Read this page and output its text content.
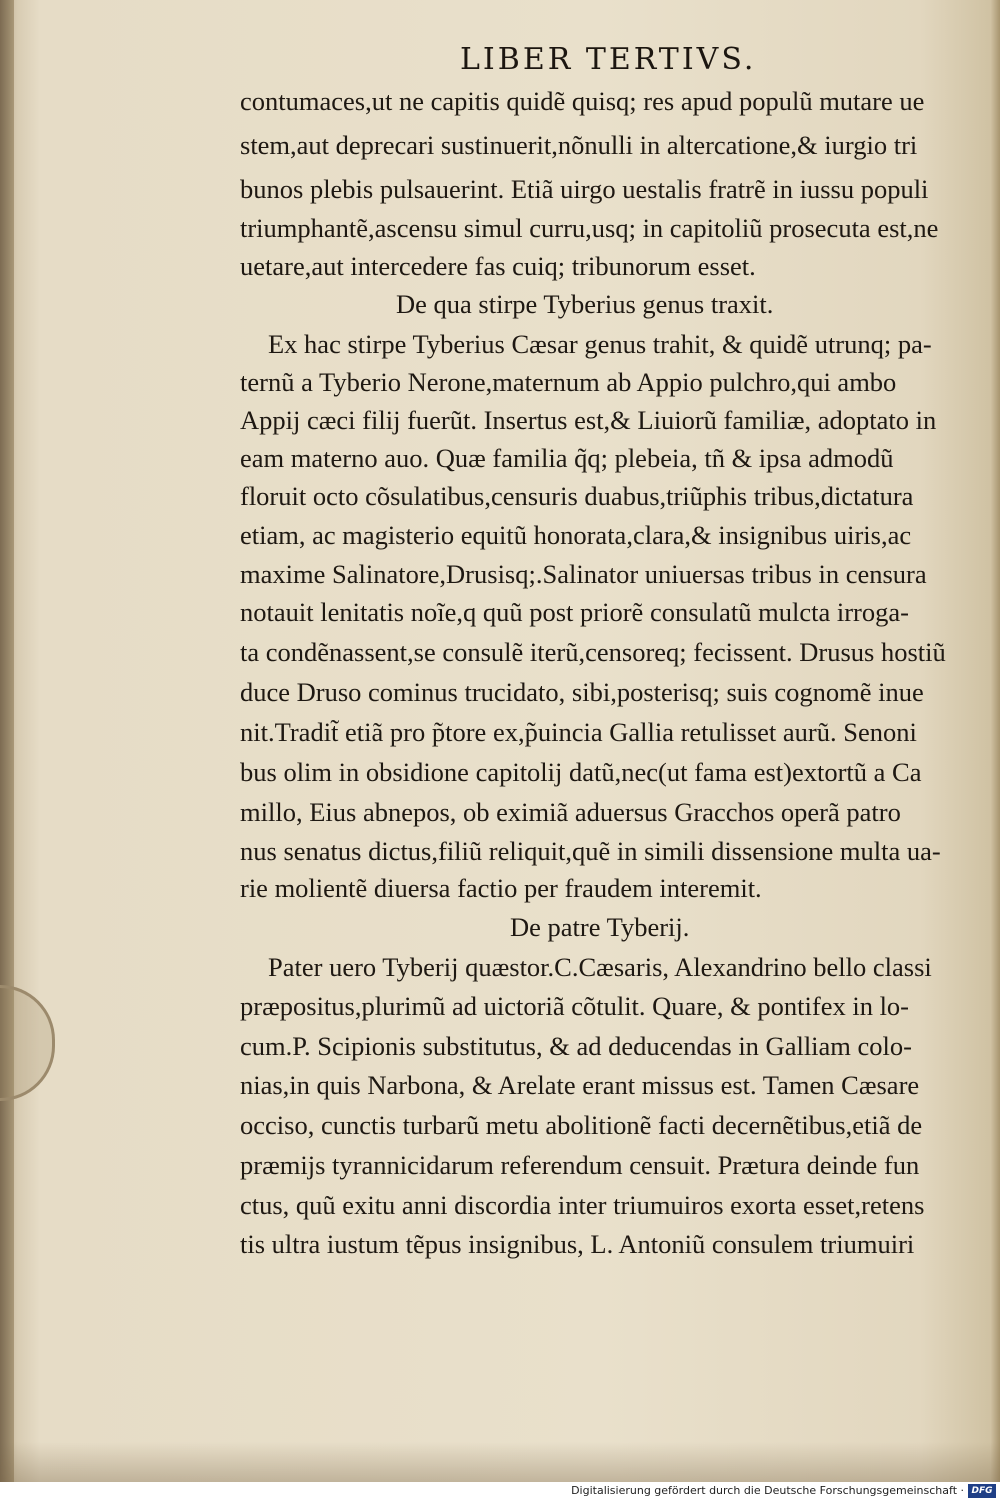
LIBER TERTIVS.
contumaces,ut ne capitis quidẽ quisq; res apud populũ mutare ue
stem,aut deprecari sustinuerit,nõnulli in altercatione,& iurgio tri
bunos plebis pulsauerint. Etiã uirgo uestalis fratrẽ in iussu populi
triumphantẽ,ascensu simul curru,usq; in capitoliũ prosecuta est,ne
uetare,aut intercedere fas cuiq; tribunorum esset.
De qua stirpe Tyberius genus traxit.
Ex hac stirpe Tyberius Cæsar genus trahit, & quidẽ utrunq; pa-
ternũ a Tyberio Nerone,maternum ab Appio pulchro,qui ambo
Appij cæci filij fuerũt. Insertus est,& Liuiorũ familiæ, adoptato in
eam materno auo. Quæ familia q̃q; plebeia, tñ & ipsa admodũ
floruit octo cõsulatibus,censuris duabus,triũphis tribus,dictatura
etiam, ac magisterio equitũ honorata,clara,& insignibus uiris,ac
maxime Salinatore,Drusisq;.Salinator uniuersas tribus in censura
notauit lenitatis noĩe,q quũ post priorẽ consulatũ mulcta irroga-
ta condẽnassent,se consulẽ iterũ,censoreq; fecissent. Drusus hostiũ
duce Druso cominus trucidato, sibi,posterisq; suis cognomẽ inue
nit.Tradit̃ etiã pro p̃tore ex,p̃uincia Gallia retulisset aurũ. Senoni
bus olim in obsidione capitolij datũ,nec(ut fama est)extortũ a Ca
millo, Eius abnepos, ob eximiã aduersus Gracchos operã patro
nus senatus dictus,filiũ reliquit,quẽ in simili dissensione multa ua-
rie molientẽ diuersa factio per fraudem interemit.
De patre Tyberij.
Pater uero Tyberij quæstor.C.Cæsaris, Alexandrino bello classi
præpositus,plurimũ ad uictoriã cõtulit. Quare, & pontifex in lo-
cum.P. Scipionis substitutus, & ad deducendas in Galliam colo-
nias,in quis Narbona, & Arelate erant missus est. Tamen Cæsare
occiso, cunctis turbarũ metu abolitionẽ facti decernẽtibus,etiã de
præmijs tyrannicidarum referendum censuit. Prætura deinde fun
ctus, quũ exitu anni discordia inter triumuiros exorta esset,retens
tis ultra iustum tẽpus insignibus, L. Antoniũ consulem triumuiri
Digitalisierung gefördert durch die Deutsche Forschungsgemeinschaft · DFG
